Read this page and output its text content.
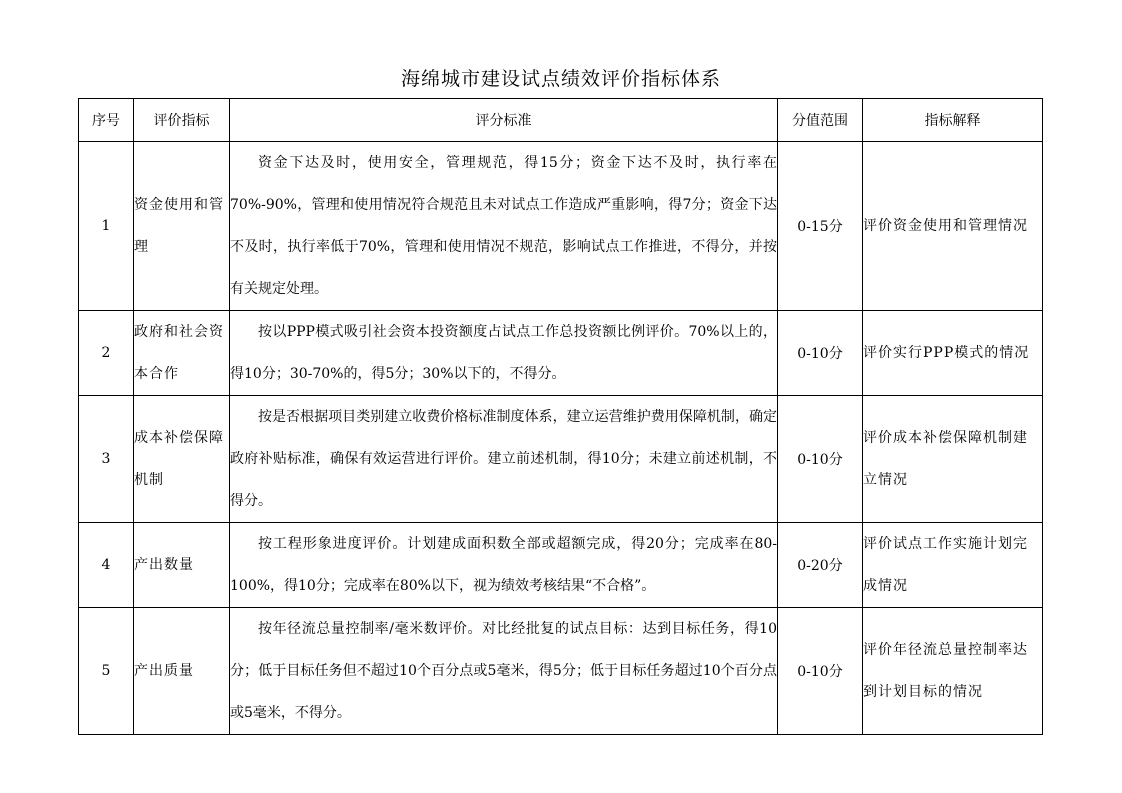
海绵城市建设试点绩效评价指标体系
序号	评价指标	评分标准	分值范围	指标解释
1	资金使用和管理	资金下达及时，使用安全，管理规范，得15分；资金下达不及时，执行率在70%-90%，管理和使用情况符合规范且未对试点工作造成严重影响，得7分；资金下达不及时，执行率低于70%，管理和使用情况不规范，影响试点工作推进，不得分，并按有关规定处理。	0-15分	评价资金使用和管理情况
2	政府和社会资本合作	按以PPP模式吸引社会资本投资额度占试点工作总投资额比例评价。70%以上的，得10分；30-70%的，得5分；30%以下的，不得分。	0-10分	评价实行PPP模式的情况
3	成本补偿保障机制	按是否根据项目类别建立收费价格标准制度体系，建立运营维护费用保障机制，确定政府补贴标准，确保有效运营进行评价。建立前述机制，得10分；未建立前述机制，不得分。	0-10分	评价成本补偿保障机制建立情况
4	产出数量	按工程形象进度评价。计划建成面积数全部或超额完成，得20分；完成率在80-100%，得10分；完成率在80%以下，视为绩效考核结果“不合格”。	0-20分	评价试点工作实施计划完成情况
5	产出质量	按年径流总量控制率/毫米数评价。对比经批复的试点目标：达到目标任务，得10分；低于目标任务但不超过10个百分点或5毫米，得5分；低于目标任务超过10个百分点或5毫米，不得分。	0-10分	评价年径流总量控制率达到计划目标的情况
